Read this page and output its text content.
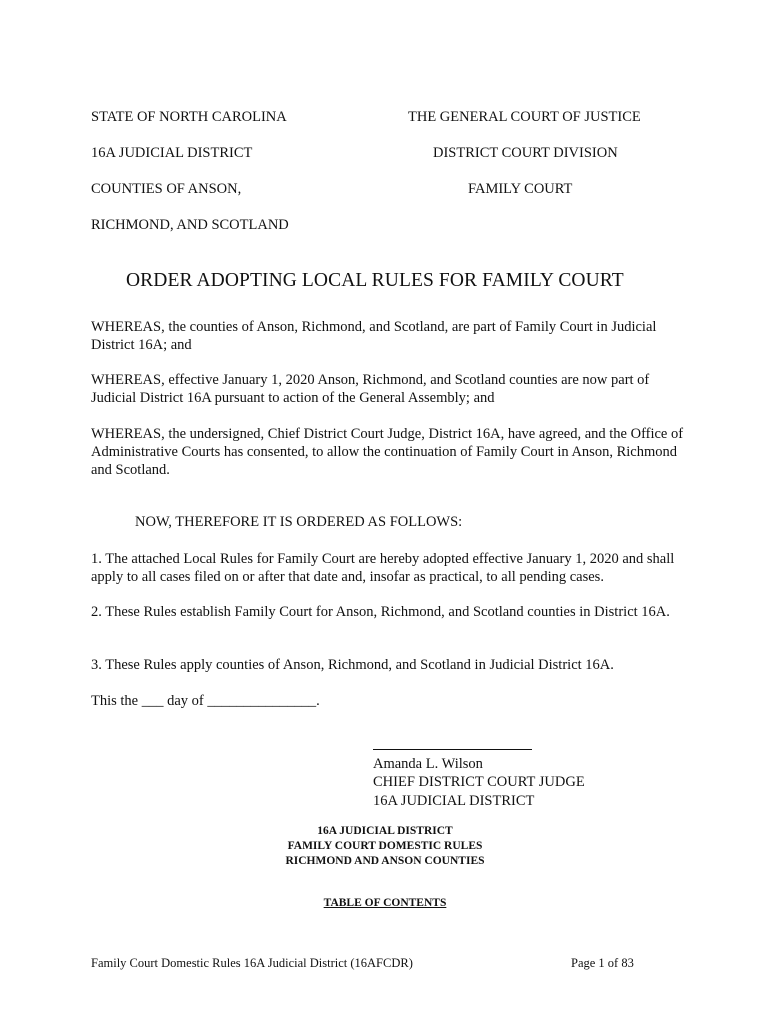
STATE OF NORTH CAROLINA
16A JUDICIAL DISTRICT
COUNTIES OF ANSON,
RICHMOND, AND SCOTLAND
THE GENERAL COURT OF JUSTICE
DISTRICT COURT DIVISION
FAMILY COURT
ORDER ADOPTING LOCAL RULES FOR FAMILY COURT
WHEREAS, the counties of Anson, Richmond, and Scotland, are part of Family Court in Judicial District 16A; and
WHEREAS, effective January 1, 2020 Anson, Richmond, and Scotland counties are now part of Judicial District 16A pursuant to action of the General Assembly; and
WHEREAS, the undersigned, Chief District Court Judge, District 16A, have agreed, and the Office of Administrative Courts has consented, to allow the continuation of Family Court in Anson, Richmond and Scotland.
NOW, THEREFORE IT IS ORDERED AS FOLLOWS:
1. The attached Local Rules for Family Court are hereby adopted effective January 1, 2020 and shall apply to all cases filed on or after that date and, insofar as practical, to all pending cases.
2. These Rules establish Family Court for Anson, Richmond, and Scotland counties in District 16A.
3. These Rules apply counties of Anson, Richmond, and Scotland in Judicial District 16A.
This the ___ day of _______________.
Amanda L. Wilson
CHIEF DISTRICT COURT JUDGE
16A JUDICIAL DISTRICT
16A JUDICIAL DISTRICT
FAMILY COURT DOMESTIC RULES
RICHMOND AND ANSON COUNTIES
TABLE OF CONTENTS
Family Court Domestic Rules 16A Judicial District (16AFCDR)	Page 1 of 83
